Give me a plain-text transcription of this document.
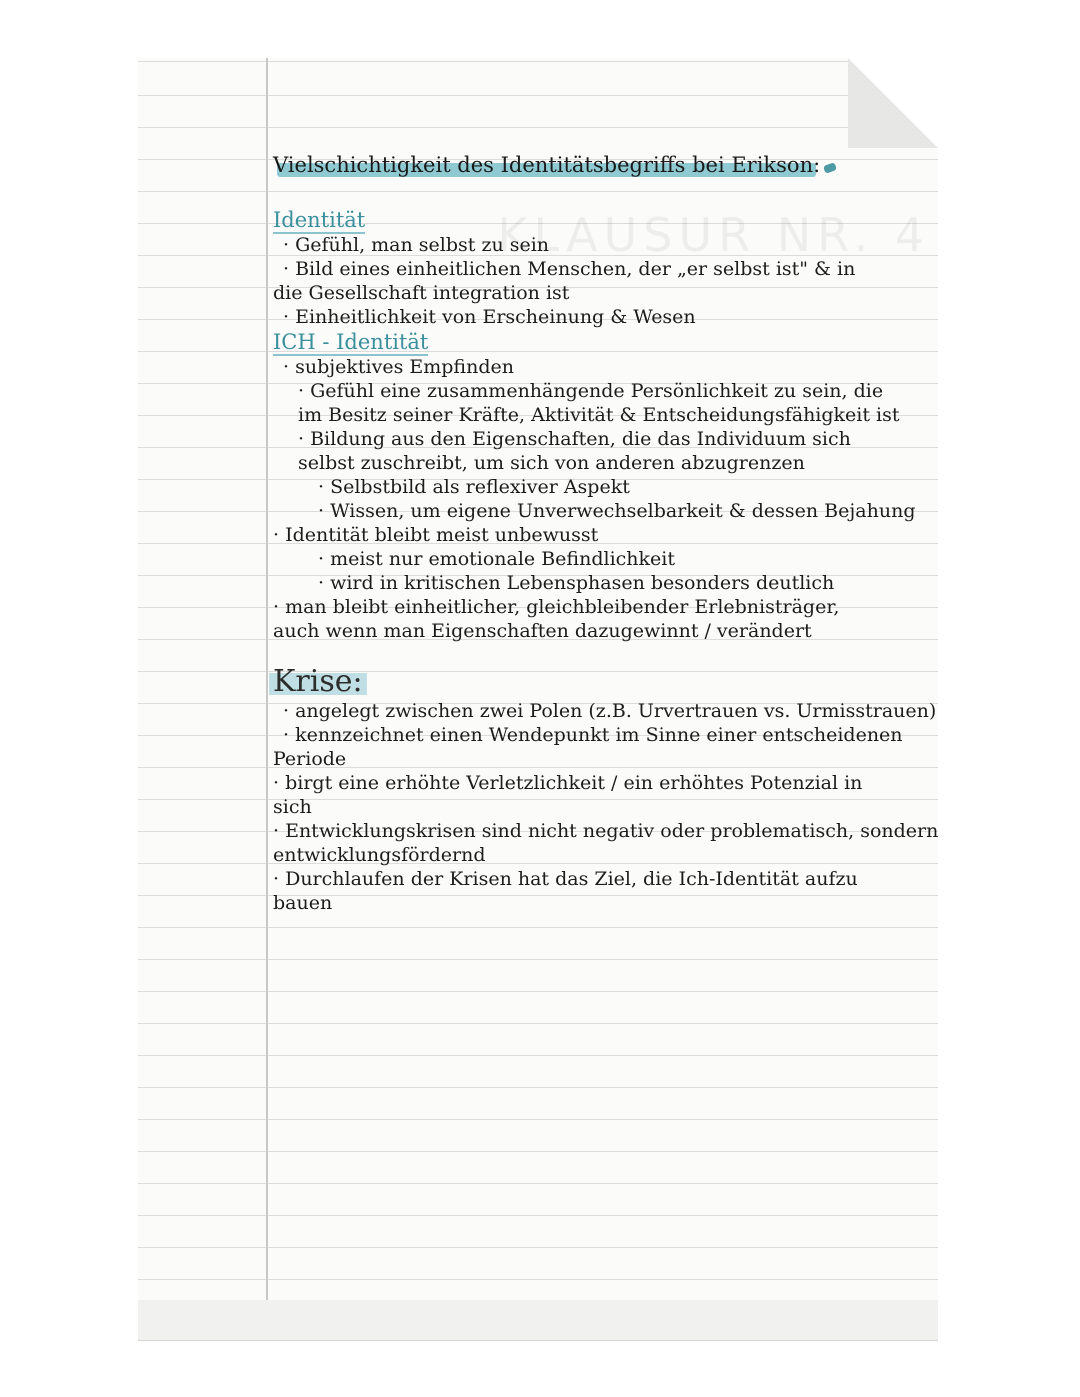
KLAUSUR NR. 4

Vielschichtigkeit des Identitätsbegriffs bei Erikson:

Identität

· Gefühl, man selbst zu sein

· Bild eines einheitlichen Menschen, der „er selbst ist" & in

die Gesellschaft integration ist

· Einheitlichkeit von Erscheinung & Wesen

ICH - Identität

· subjektives Empfinden

· Gefühl eine zusammenhängende Persönlichkeit zu sein, die

im Besitz seiner Kräfte, Aktivität & Entscheidungsfähigkeit ist

· Bildung aus den Eigenschaften, die das Individuum sich

selbst zuschreibt, um sich von anderen abzugrenzen

· Selbstbild als reflexiver Aspekt

· Wissen, um eigene Unverwechselbarkeit & dessen Bejahung

· Identität bleibt meist unbewusst

· meist nur emotionale Befindlichkeit

· wird in kritischen Lebensphasen besonders deutlich

· man bleibt einheitlicher, gleichbleibender Erlebnisträger,

auch wenn man Eigenschaften dazugewinnt / verändert

Krise:

· angelegt zwischen zwei Polen (z.B. Urvertrauen vs. Urmisstrauen)

· kennzeichnet einen Wendepunkt im Sinne einer entscheidenen

Periode

· birgt eine erhöhte Verletzlichkeit / ein erhöhtes Potenzial in

sich

· Entwicklungskrisen sind nicht negativ oder problematisch, sondern

entwicklungsfördernd

· Durchlaufen der Krisen hat das Ziel, die Ich-Identität aufzu

bauen
